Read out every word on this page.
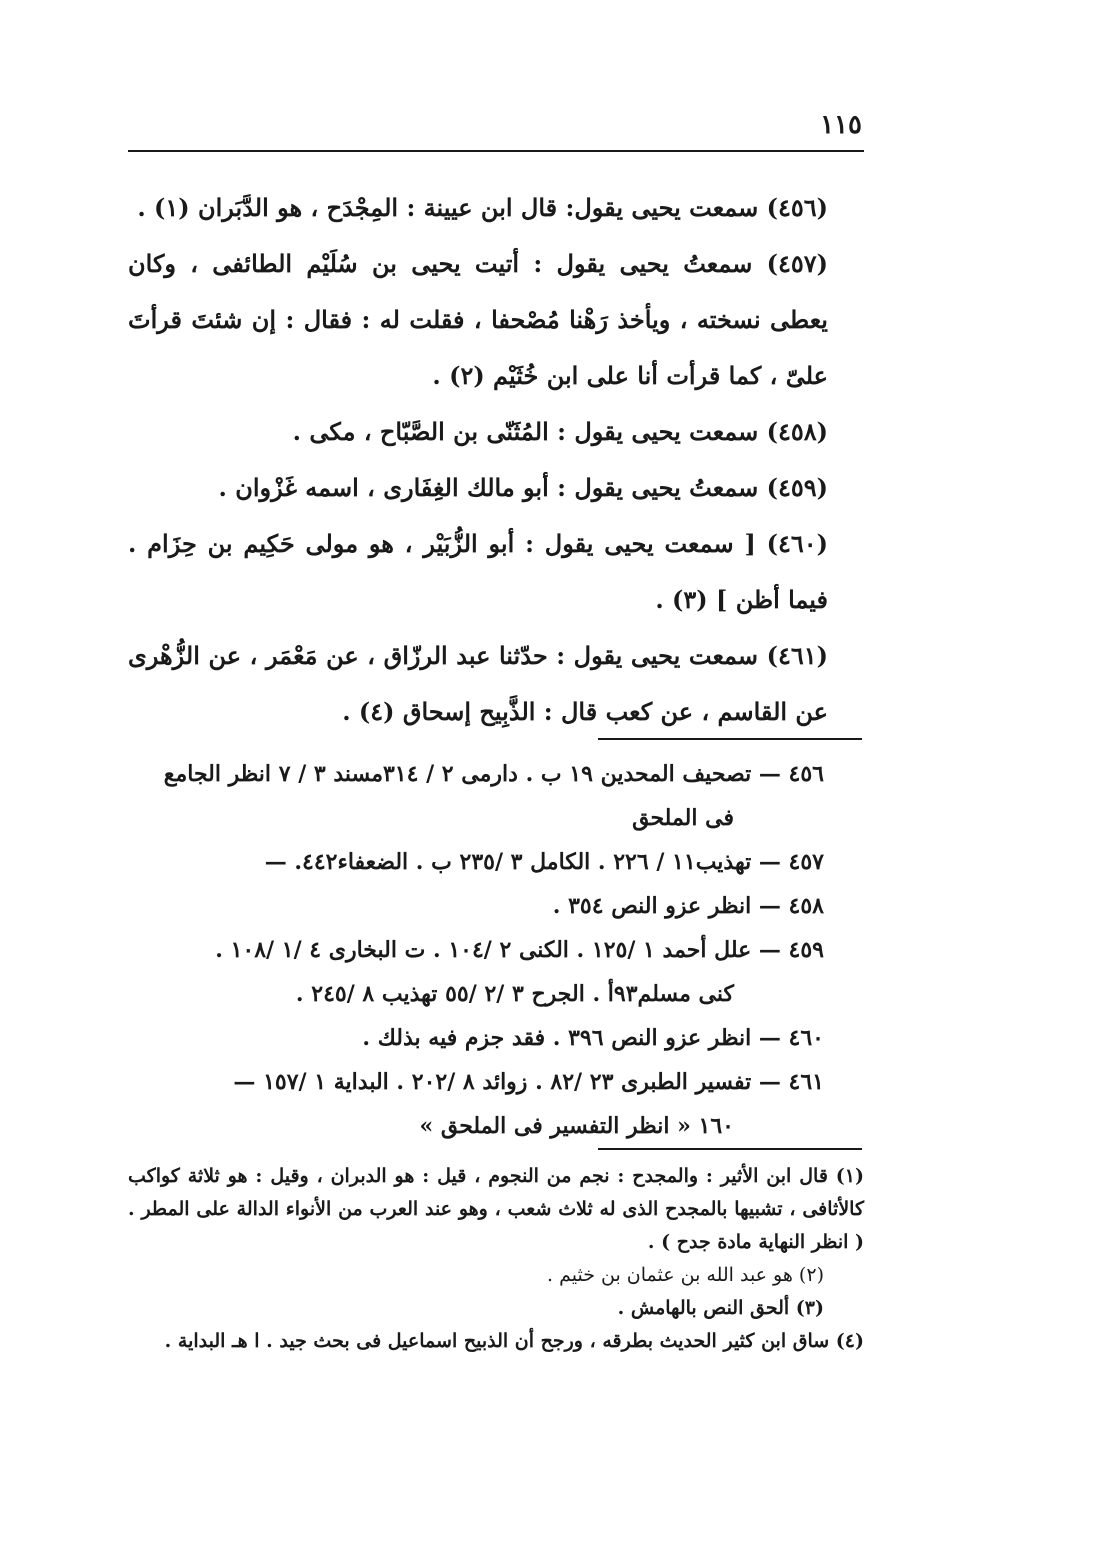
١١٥

(٤٥٦) سمعت يحيى يقول: قال ابن عيينة : المِجْدَح ، هو الدَّبَران (١) .

(٤٥٧) سمعتُ يحيى يقول : أتيت يحيى بن سُلَيْم الطائفى ، وكان يعطى نسخته ، ويأخذ رَهْنا مُصْحفا ، فقلت له : فقال : إن شئتَ قرأتَ علىّ ، كما قرأت أنا على ابن خُثَيْم (٢) .

(٤٥٨) سمعت يحيى يقول : المُثَنّى بن الصَّبّاح ، مكى .

(٤٥٩) سمعتُ يحيى يقول : أبو مالك الغِفَارى ، اسمه غَزْوان .

(٤٦٠) [ سمعت يحيى يقول : أبو الزُّبَيْر ، هو مولى حَكِيم بن حِزَام . فيما أظن ] (٣) .

(٤٦١) سمعت يحيى يقول : حدّثنا عبد الرزّاق ، عن مَعْمَر ، عن الزُّهْرى عن القاسم ، عن كعب قال : الذَّبِيح إسحاق (٤) .

٤٥٦ — تصحيف المحدين ١٩ ب . دارمى ٢ / ٣١٤مسند ٣ / ٧ انظر الجامع
فى الملحق
٤٥٧ — تهذيب١١ / ٢٢٦ . الكامل ٣ /٢٣٥ ب . الضعفاء٤٤٢. —
٤٥٨ — انظر عزو النص ٣٥٤ .
٤٥٩ — علل أحمد ١ /١٢٥ . الكنى ٢ /١٠٤ . ت البخارى ٤ /١ /١٠٨ .
كنى مسلم٩٣أ . الجرح ٣ /٢ /٥٥ تهذيب ٨ /٢٤٥ .
٤٦٠ — انظر عزو النص ٣٩٦ . فقد جزم فيه بذلك .
٤٦١ — تفسير الطبرى ٢٣ /٨٢ . زوائد ٨ /٢٠٢ . البداية ١ /١٥٧ —
١٦٠ « انظر التفسير فى الملحق »
(١) قال ابن الأثير : والمجدح : نجم من النجوم ، قيل : هو الدبران ، وقيل : هو ثلاثة كواكب كالأثافى ، تشبيها بالمجدح الذى له ثلاث شعب ، وهو عند العرب من الأنواء الدالة على المطر . ( انظر النهاية مادة جدح ) .
(٢) هو عبد الله بن عثمان بن خثيم .
(٣) ألحق النص بالهامش .
(٤) ساق ابن كثير الحديث بطرقه ، ورجح أن الذبيح اسماعيل فى بحث جيد . ا هـ البداية .
